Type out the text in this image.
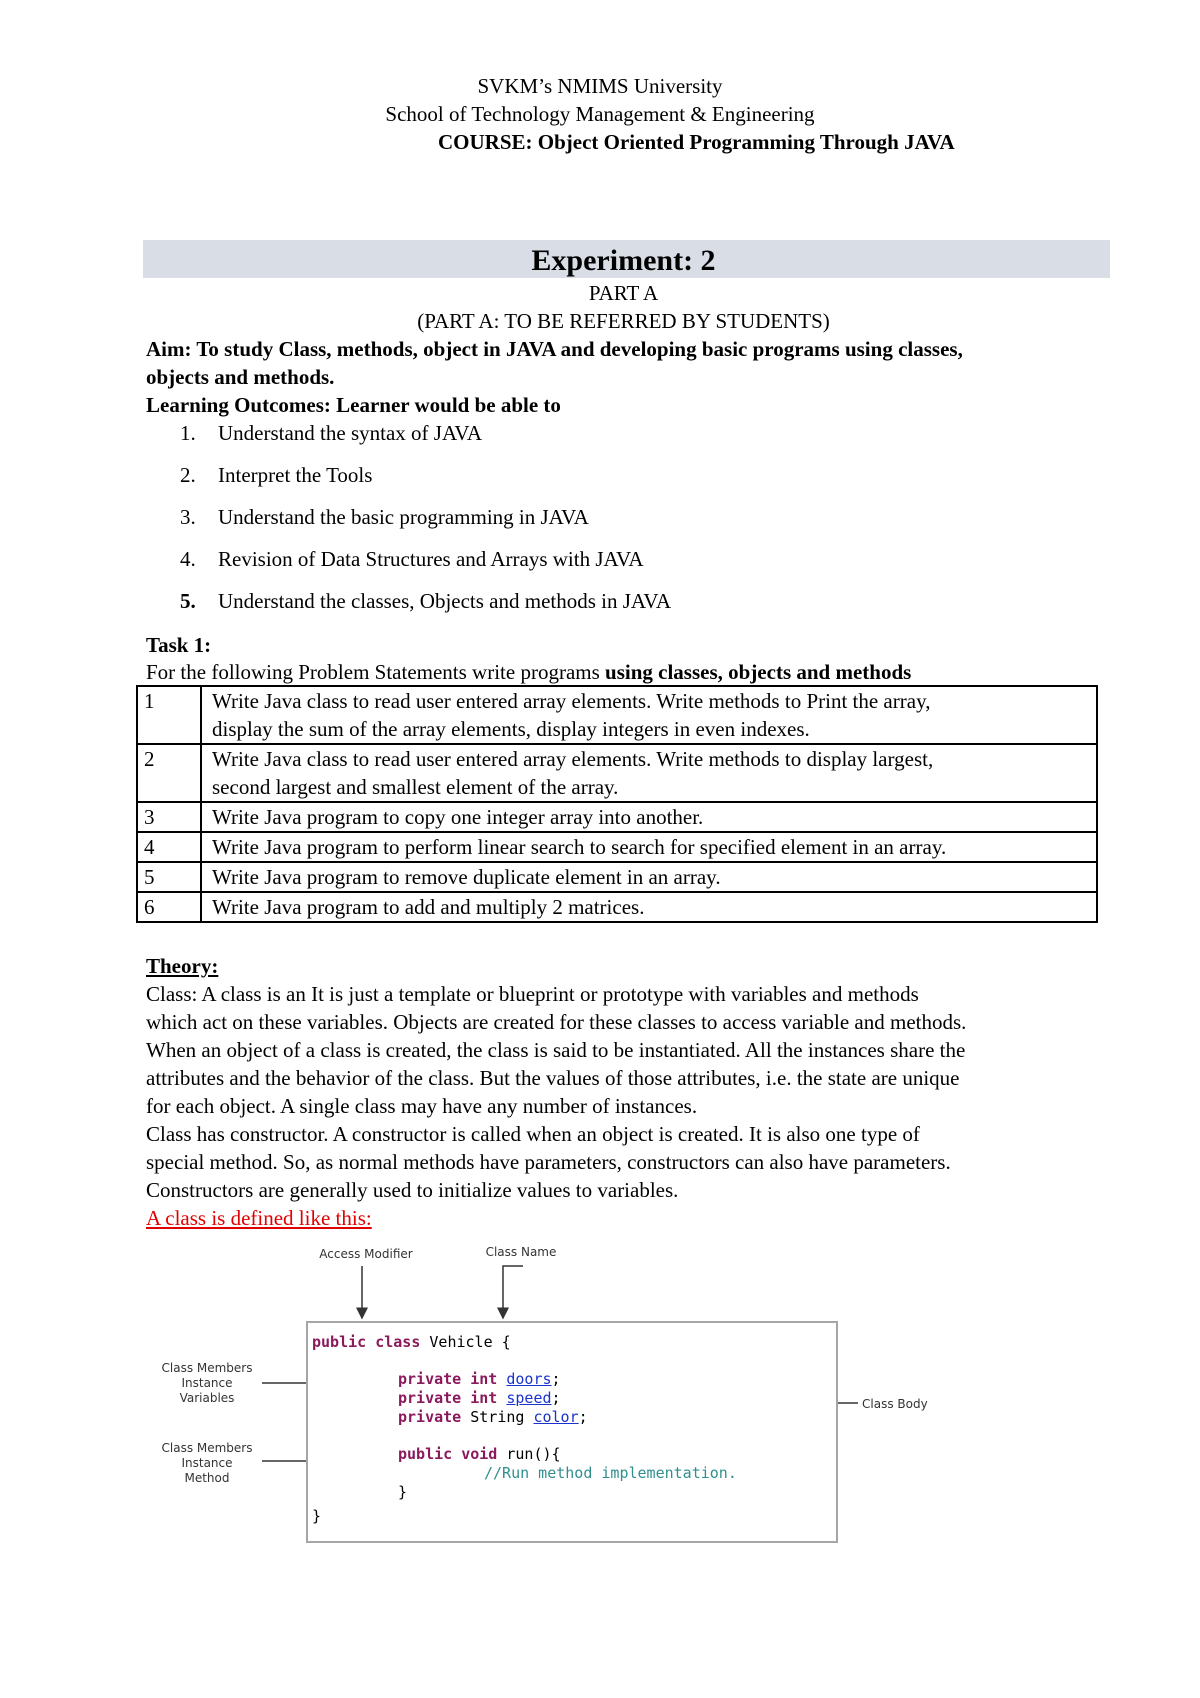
SVKM’s NMIMS University
School of Technology Management & Engineering
COURSE: Object Oriented Programming Through JAVA
Experiment: 2
PART A
(PART A: TO BE REFERRED BY STUDENTS)
Aim: To study Class, methods, object in JAVA and developing basic programs using classes,
objects and methods.
Learning Outcomes: Learner would be able to
1. Understand the syntax of JAVA
2. Interpret the Tools
3. Understand the basic programming in JAVA
4. Revision of Data Structures and Arrays with JAVA
5. Understand the classes, Objects and methods in JAVA
Task 1:
For the following Problem Statements write programs using classes, objects and methods
1	Write Java class to read user entered array elements. Write methods to Print the array,
display the sum of the array elements, display integers in even indexes.

2	Write Java class to read user entered array elements. Write methods to display largest,
second largest and smallest element of the array.

3	Write Java program to copy one integer array into another.
4	Write Java program to perform linear search to search for specified element in an array.
5	Write Java program to remove duplicate element in an array.
6	Write Java program to add and multiply 2 matrices.
Theory:
Class: A class is an It is just a template or blueprint or prototype with variables and methods
which act on these variables. Objects are created for these classes to access variable and methods.
When an object of a class is created, the class is said to be instantiated. All the instances share the
attributes and the behavior of the class. But the values of those attributes, i.e. the state are unique
for each object. A single class may have any number of instances.
Class has constructor. A constructor is called when an object is created. It is also one type of
special method. So, as normal methods have parameters, constructors can also have parameters.
Constructors are generally used to initialize values to variables.
A class is defined like this:
Access Modifier	Class Name
Class Members
Instance
Variables
Class Members
Instance
Method
Class Body
public class Vehicle {
private int doors;
private int speed;
private String color;
public void run(){
//Run method implementation.
}
}
